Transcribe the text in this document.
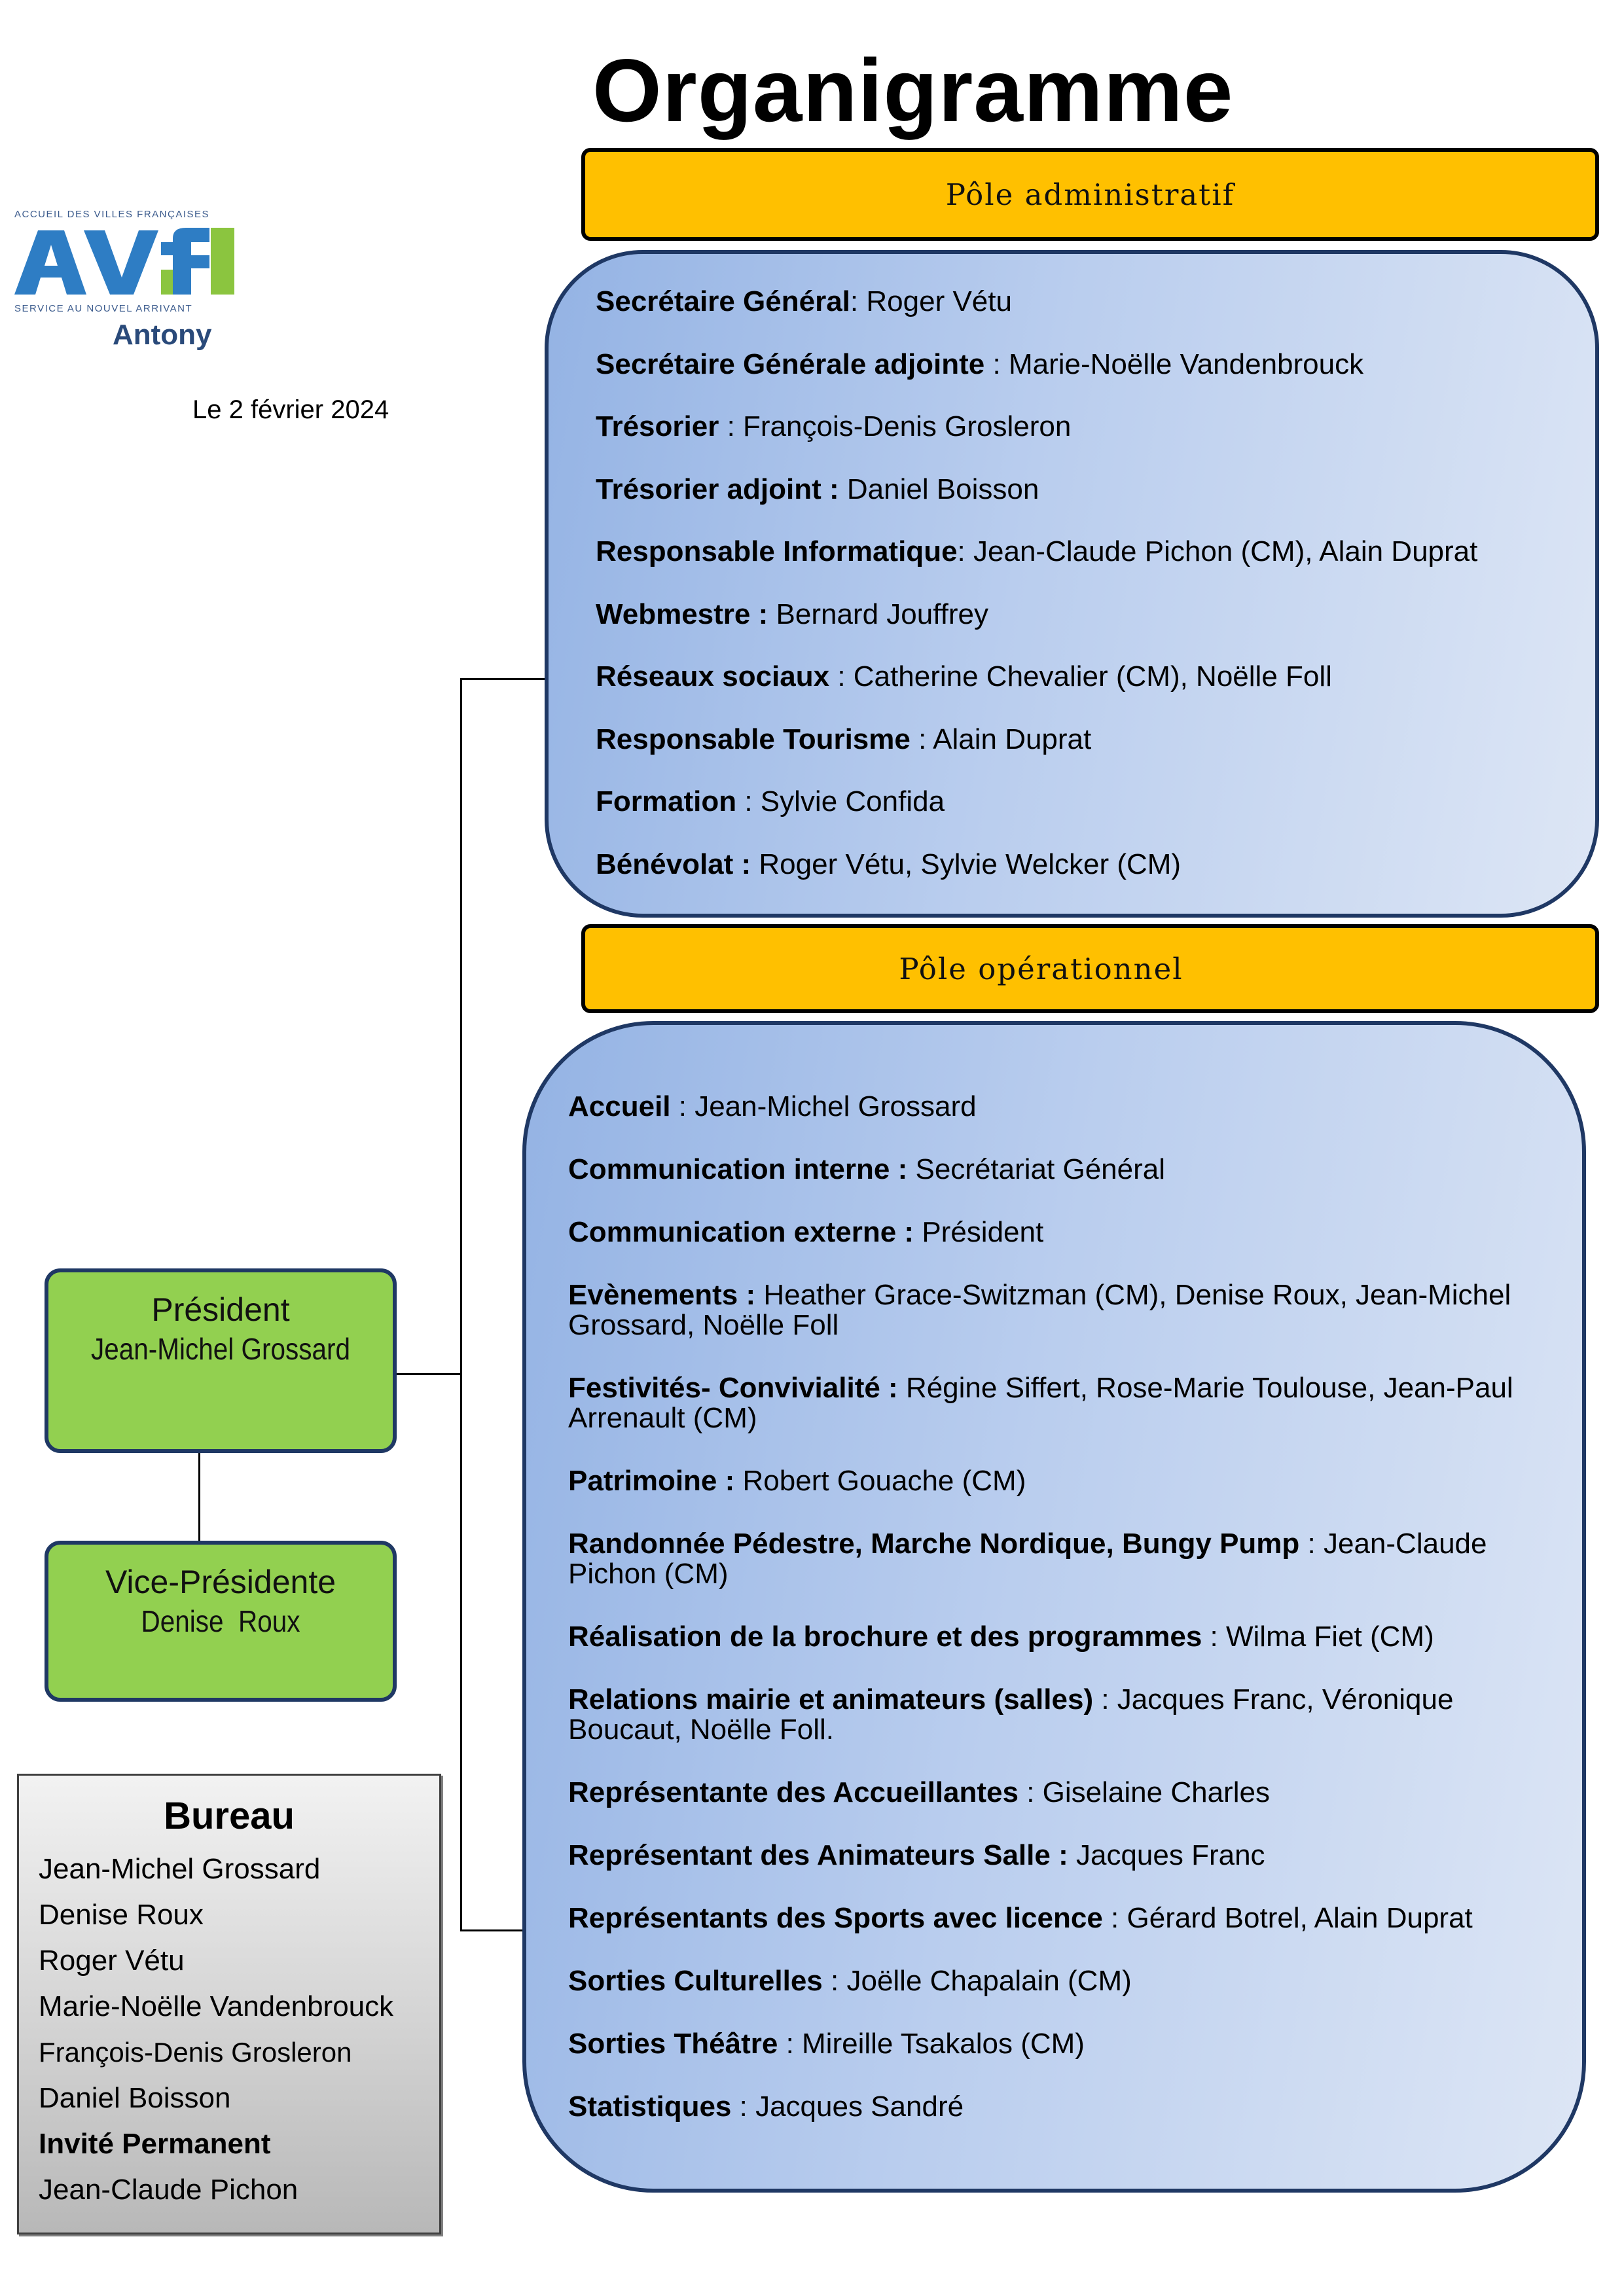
Organigramme
ACCUEIL DES VILLES FRANÇAISES
SERVICE AU NOUVEL ARRIVANT
Antony
Le 2 février 2024
Pôle administratif
Secrétaire Général: Roger Vétu
Secrétaire Générale adjointe : Marie-Noëlle Vandenbrouck
Trésorier : François-Denis Grosleron
Trésorier adjoint : Daniel Boisson
Responsable Informatique: Jean-Claude Pichon (CM), Alain Duprat
Webmestre : Bernard Jouffrey
Réseaux sociaux : Catherine Chevalier (CM), Noëlle Foll
Responsable Tourisme : Alain Duprat
Formation : Sylvie Confida
Bénévolat : Roger Vétu, Sylvie Welcker (CM)
Pôle opérationnel
Accueil : Jean-Michel Grossard
Communication interne : Secrétariat Général
Communication externe : Président
Evènements : Heather Grace-Switzman (CM), Denise Roux, Jean-Michel Grossard, Noëlle Foll
Festivités- Convivialité : Régine Siffert, Rose-Marie Toulouse, Jean-Paul Arrenault (CM)
Patrimoine : Robert Gouache (CM)
Randonnée Pédestre, Marche Nordique, Bungy Pump : Jean-Claude Pichon (CM)
Réalisation de la brochure et des programmes : Wilma Fiet (CM)
Relations mairie et animateurs (salles) : Jacques Franc, Véronique Boucaut, Noëlle Foll.
Représentante des Accueillantes : Giselaine Charles
Représentant des Animateurs Salle : Jacques Franc
Représentants des Sports avec licence : Gérard Botrel, Alain Duprat
Sorties Culturelles : Joëlle Chapalain (CM)
Sorties Théâtre : Mireille Tsakalos (CM)
Statistiques : Jacques Sandré
Président
Jean-Michel Grossard
Vice-Présidente
Denise  Roux
Bureau
Jean-Michel Grossard
Denise Roux
Roger Vétu
Marie-Noëlle Vandenbrouck
François-Denis Grosleron
Daniel Boisson
Invité Permanent
Jean-Claude Pichon
